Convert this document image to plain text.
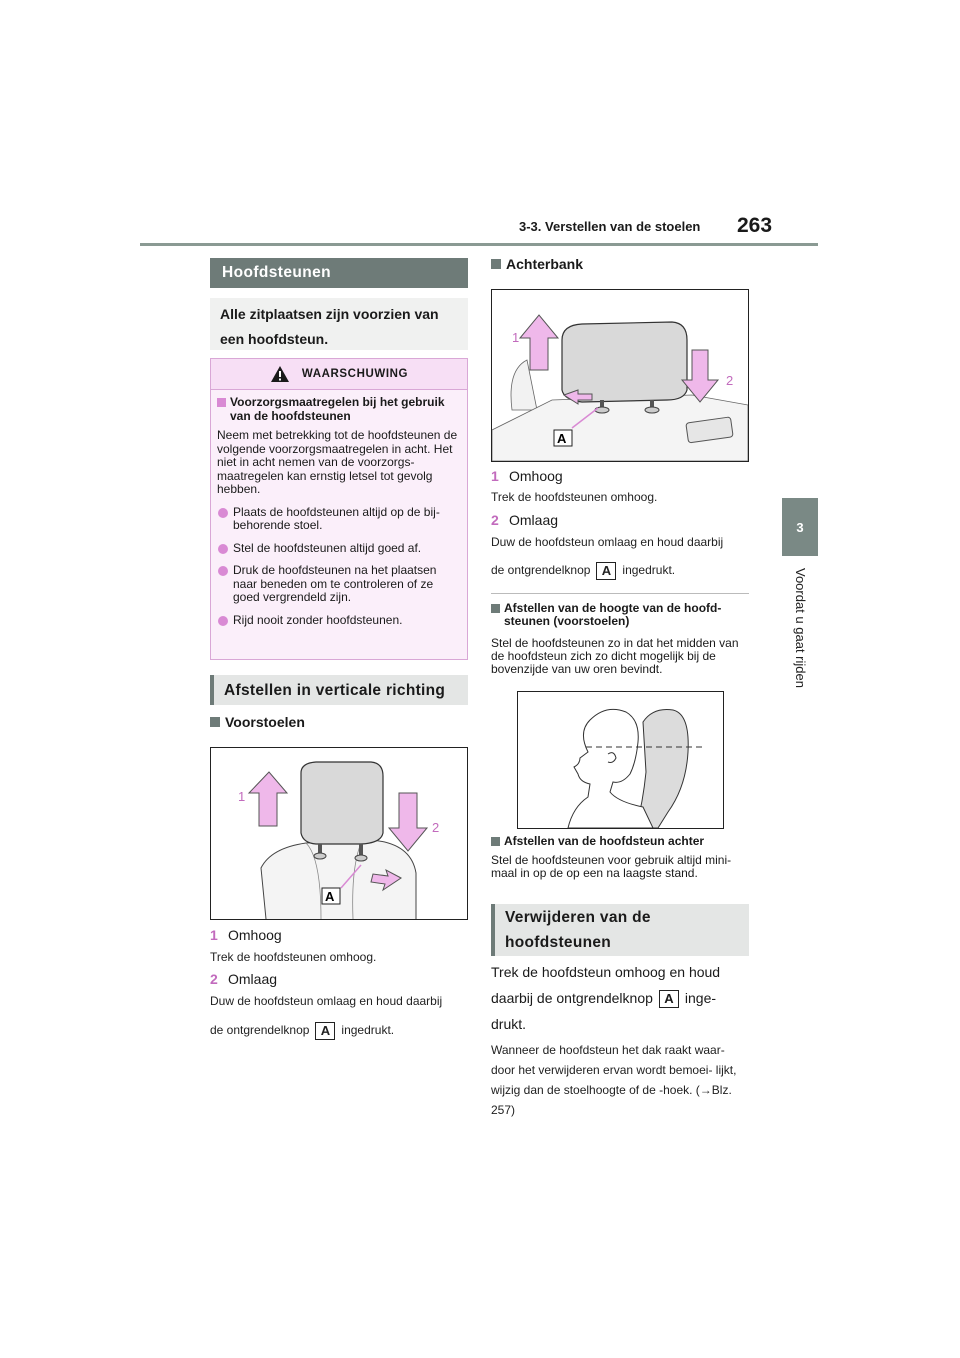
3-3. Verstellen van de stoelen 263
3
Voordat u gaat rijden
Hoofdsteunen
Alle zitplaatsen zijn voorzien van een hoofdsteun.
WAARSCHUWING
Voorzorgsmaatregelen bij het gebruik van de hoofdsteunen
Neem met betrekking tot de hoofdsteunen de volgende voorzorgsmaatregelen in acht. Het niet in acht nemen van de voorzorgs- maatregelen kan ernstig letsel tot gevolg hebben.
Plaats de hoofdsteunen altijd op de bij- behorende stoel.
Stel de hoofdsteunen altijd goed af.
Druk de hoofdsteunen na het plaatsen naar beneden om te controleren of ze goed vergrendeld zijn.
Rijd nooit zonder hoofdsteunen.
Afstellen in verticale richting
Voorstoelen
1
2
A
1 Omhoog
Trek de hoofdsteunen omhoog.
2 Omlaag
Duw de hoofdsteun omlaag en houd daarbij
de ontgrendelknop A ingedrukt.
Achterbank
1
2
A
1 Omhoog
Trek de hoofdsteunen omhoog.
2 Omlaag
Duw de hoofdsteun omlaag en houd daarbij
de ontgrendelknop A ingedrukt.
Afstellen van de hoogte van de hoofd- steunen (voorstoelen)
Stel de hoofdsteunen zo in dat het midden van de hoofdsteun zich zo dicht mogelijk bij de bovenzijde van uw oren bevindt.
Afstellen van de hoofdsteun achter
Stel de hoofdsteunen voor gebruik altijd mini- maal in op de op een na laagste stand.
Verwijderen van de hoofdsteunen
Trek de hoofdsteun omhoog en houd daarbij de ontgrendelknop A inge- drukt.
Wanneer de hoofdsteun het dak raakt waar- door het verwijderen ervan wordt bemoei- lijkt, wijzig dan de stoelhoogte of de -hoek. (→Blz. 257)
